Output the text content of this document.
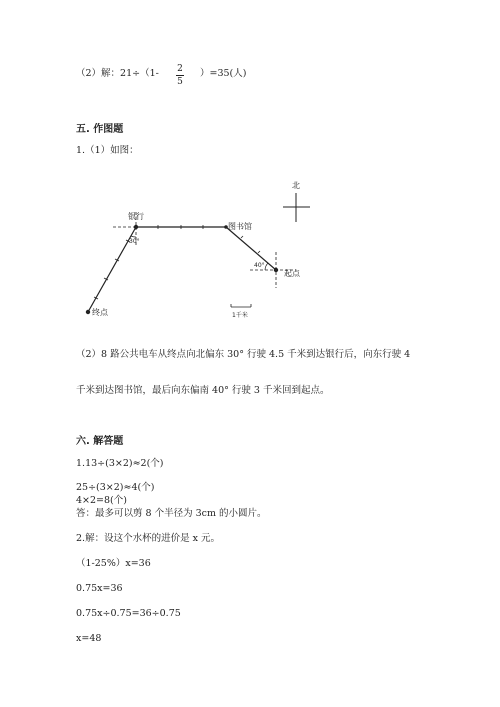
（2）解：21÷（1- 2
5
）=35(人)
五. 作图题
1.（1）如图：
北
银行
图书馆
起点
终点
30°
40°
1千米
（2）8 路公共电车从终点向北偏东 30° 行驶 4.5 千米到达银行后，向东行驶 4
千米到达图书馆，最后向东偏南 40° 行驶 3 千米回到起点。
六. 解答题
1.13÷(3×2)≈2(个)
25÷(3×2)≈4(个)
4×2=8(个)
答：最多可以剪 8 个半径为 3cm 的小圆片。
2.解：设这个水杯的进价是 x 元。
（1-25%）x=36
0.75x=36
0.75x÷0.75=36÷0.75
x=48
